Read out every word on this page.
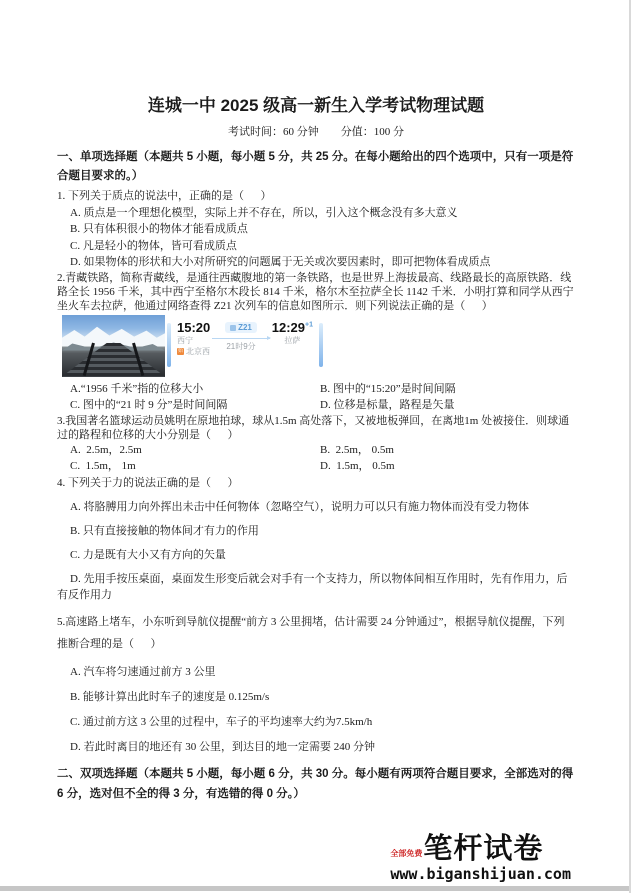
连城一中 2025 级高一新生入学考试物理试题

考试时间：60 分钟　　分值：100 分

一、单项选择题（本题共 5 小题，每小题 5 分，共 25 分。在每小题给出的四个选项中，只有一项是符合题目要求的。）

1. 下列关于质点的说法中，正确的是（      ）

A. 质点是一个理想化模型，实际上并不存在，所以，引入这个概念没有多大意义

B. 只有体积很小的物体才能看成质点

C. 凡是轻小的物体，皆可看成质点

D. 如果物体的形状和大小对所研究的问题属于无关或次要因素时，即可把物体看成质点

2.青藏铁路，简称青藏线，是通往西藏腹地的第一条铁路，也是世界上海拔最高、线路最长的高原铁路．线路全长 1956 千米，其中西宁至格尔木段长 814 千米，格尔木至拉萨全长 1142 千米．小明打算和同学从西宁坐火车去拉萨，他通过网络查得 Z21 次列车的信息如图所示．则下列说法正确的是（      ）

15:20
西宁
始 北京西
Z21
21时9分
$12:29^{+1}$
拉萨

A.“1956 千米”指的位移大小	B. 图中的“15:20”是时间间隔

C. 图中的“21 时 9 分”是时间间隔	D. 位移是标量，路程是矢量

3.我国著名篮球运动员姚明在原地拍球，球从1.5m 高处落下，又被地板弹回，在离地1m 处被接住．则球通过的路程和位移的大小分别是（      ）

A.  2.5m，2.5m	B.  2.5m， 0.5m

C.  1.5m， 1m	D.  1.5m， 0.5m

4. 下列关于力的说法正确的是（      ）

A. 将胳膊用力向外挥出未击中任何物体（忽略空气），说明力可以只有施力物体而没有受力物体

B. 只有直接接触的物体间才有力的作用

C. 力是既有大小又有方向的矢量

D. 先用手按压桌面，桌面发生形变后就会对手有一个支持力，所以物体间相互作用时，先有作用力，后有反作用力

5.高速路上堵车，小东听到导航仪提醒“前方 3 公里拥堵，估计需要 24 分钟通过”，根据导航仪提醒，下列推断合理的是（      ）

A. 汽车将匀速通过前方 3 公里

B. 能够计算出此时车子的速度是 0.125m/s

C. 通过前方这 3 公里的过程中，车子的平均速率大约为7.5km/h

D. 若此时离目的地还有 30 公里，到达目的地一定需要 240 分钟

二、双项选择题（本题共 5 小题，每小题 6 分，共 30 分。每小题有两项符合题目要求，全部选对的得 6 分，选对但不全的得 3 分，有选错的得 0 分。）

全部免费 笔杆试卷
www.biganshijuan.com
